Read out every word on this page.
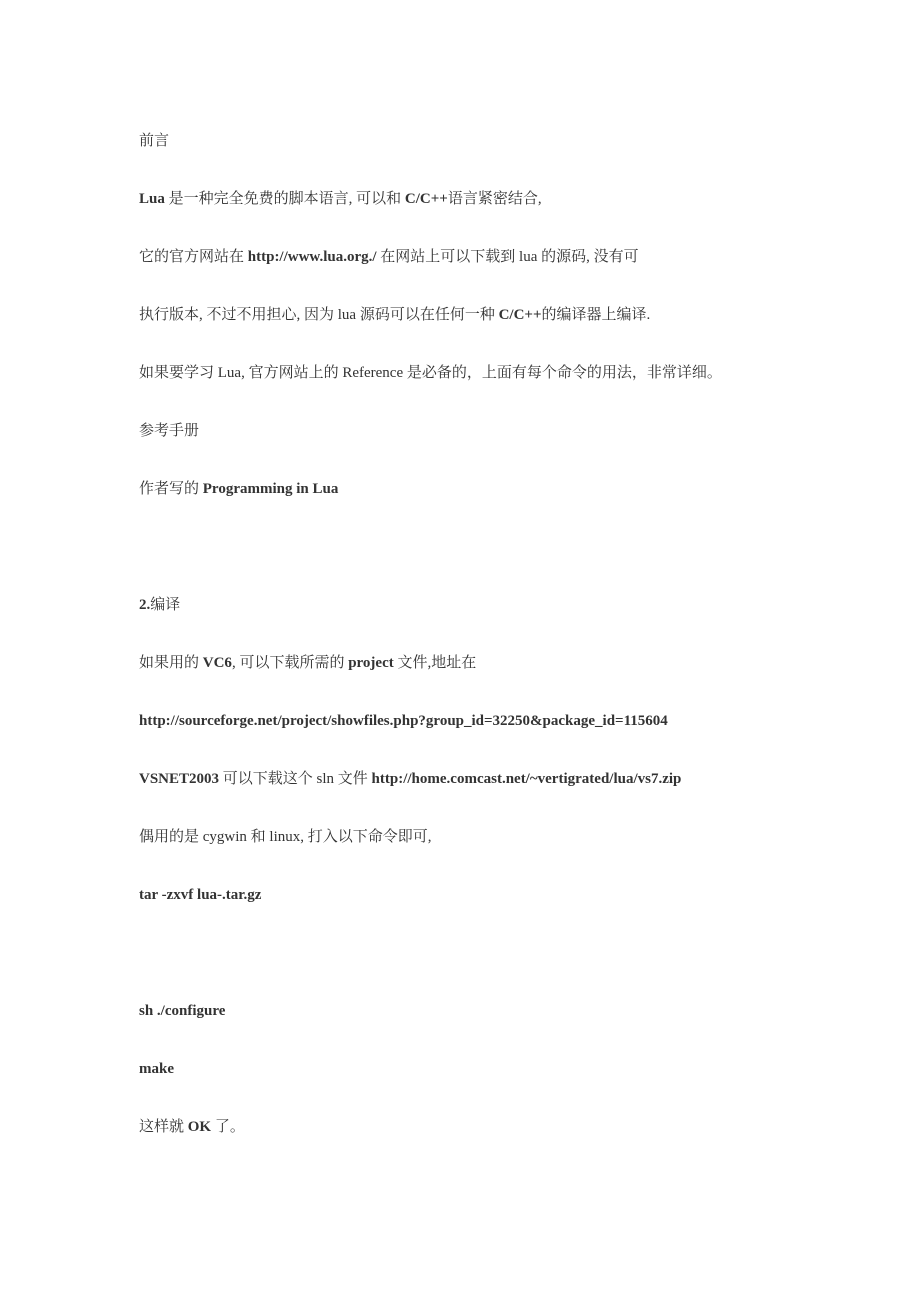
前言
Lua 是一种完全免费的脚本语言, 可以和 C/C++语言紧密结合,
它的官方网站在 http://www.lua.org./ 在网站上可以下载到 lua 的源码, 没有可
执行版本, 不过不用担心, 因为 lua 源码可以在任何一种 C/C++的编译器上编译.
如果要学习 Lua, 官方网站上的 Reference 是必备的，上面有每个命令的用法，非常详细。
参考手册
作者写的 Programming in Lua
2.编译
如果用的 VC6, 可以下载所需的 project 文件,地址在
http://sourceforge.net/project/showfiles.php?group_id=32250&package_id=115604
VSNET2003 可以下载这个 sln 文件 http://home.comcast.net/~vertigrated/lua/vs7.zip
偶用的是 cygwin 和 linux, 打入以下命令即可,
tar -zxvf lua-.tar.gz
sh ./configure
make
这样就 OK 了。
